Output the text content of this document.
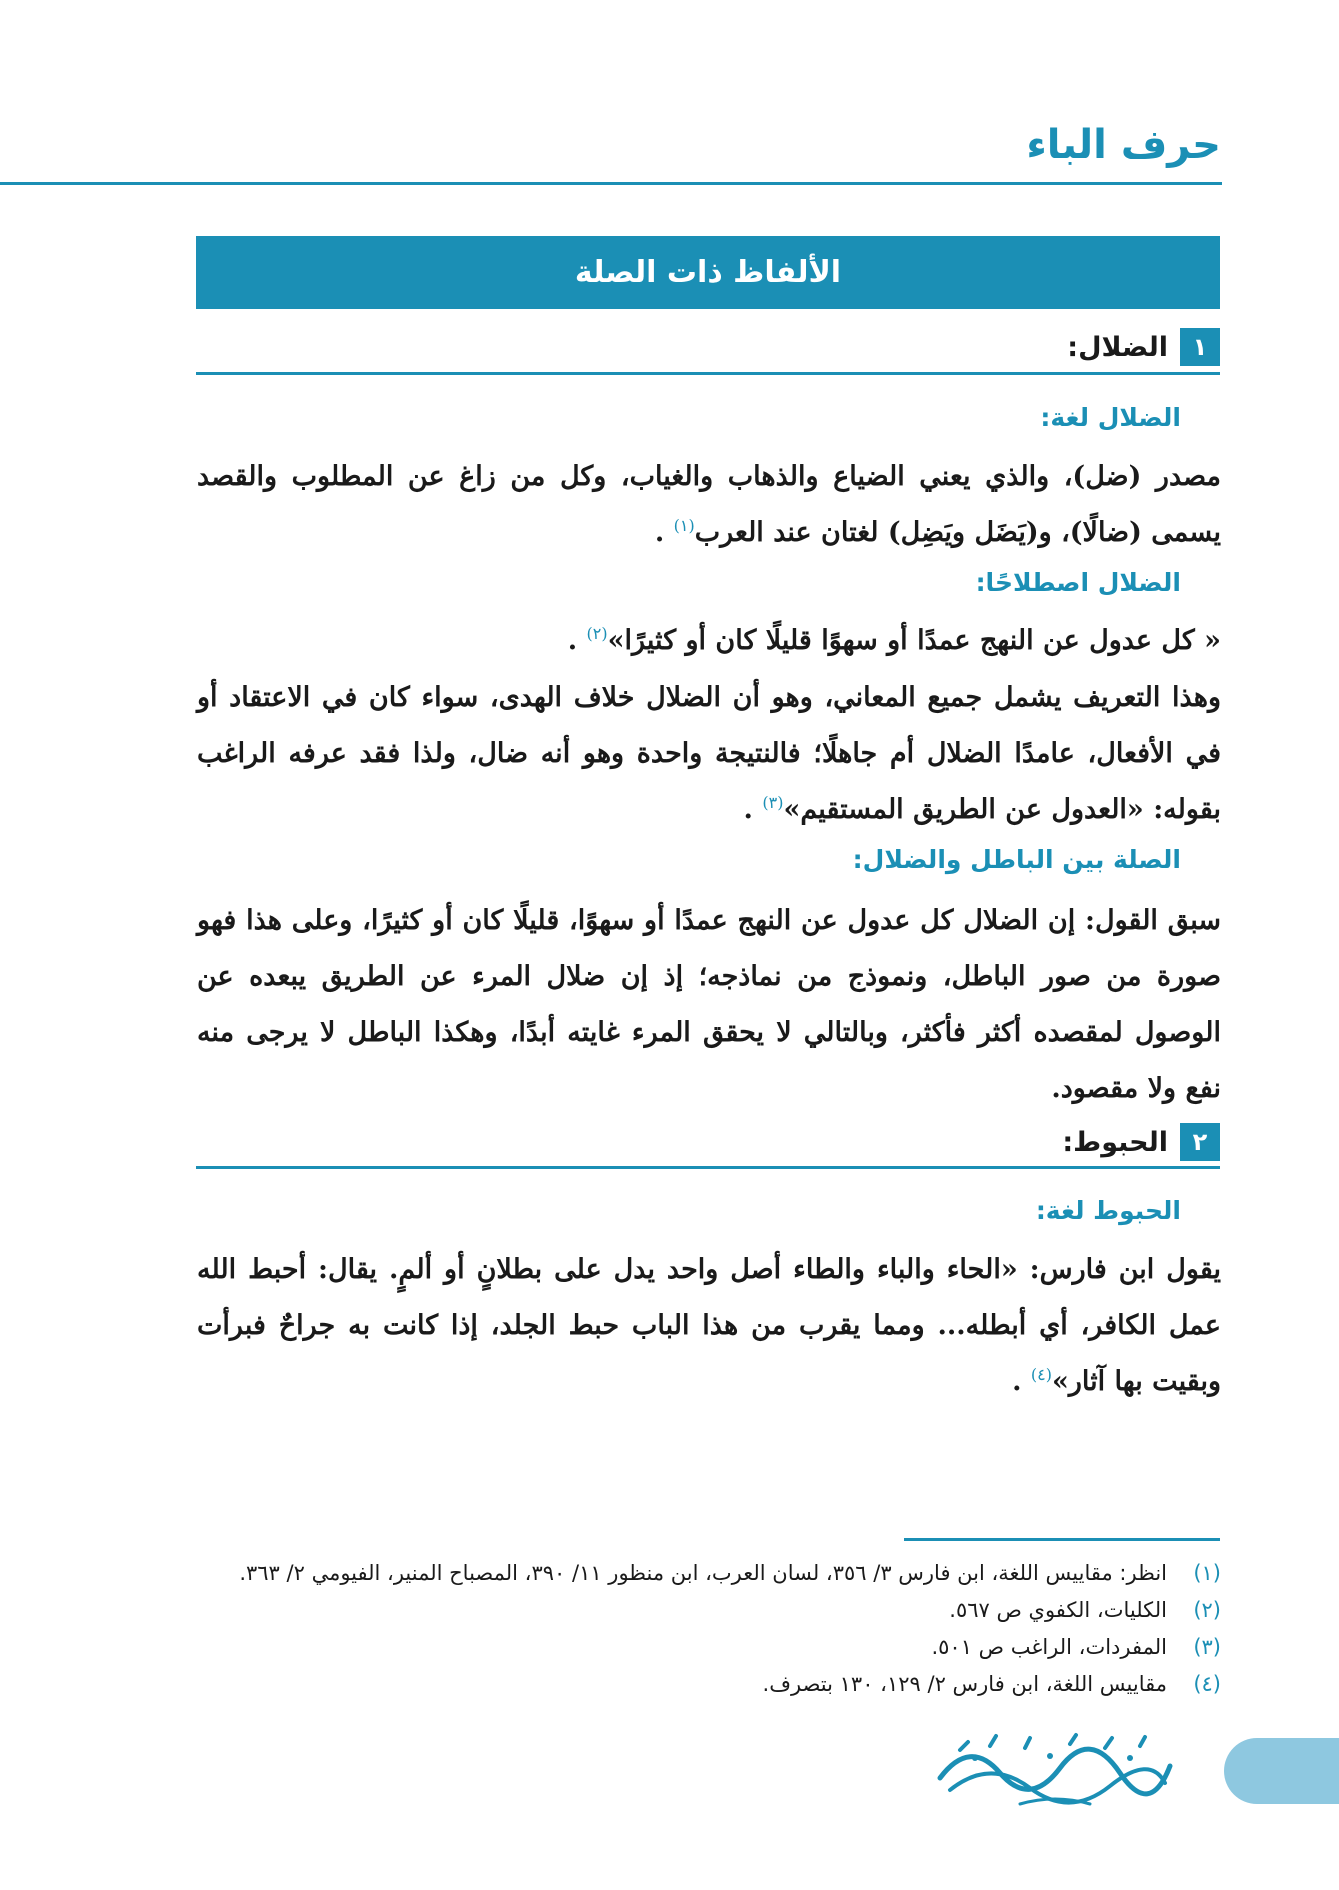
حرف الباء
الألفاظ ذات الصلة
١
الضلال:
الضلال لغة:

مصدر (ضل)، والذي يعني الضياع والذهاب والغياب، وكل من زاغ عن المطلوب والقصد يسمى (ضالًا)، و(يَضَل ويَضِل) لغتان عند العرب$^{(١)}$ .

الضلال اصطلاحًا:

« كل عدول عن النهج عمدًا أو سهوًا قليلًا كان أو كثيرًا»$^{(٢)}$ .

وهذا التعريف يشمل جميع المعاني، وهو أن الضلال خلاف الهدى، سواء كان في الاعتقاد أو في الأفعال، عامدًا الضلال أم جاهلًا؛ فالنتيجة واحدة وهو أنه ضال، ولذا فقد عرفه الراغب بقوله: «العدول عن الطريق المستقيم»$^{(٣)}$ .

الصلة بين الباطل والضلال:

سبق القول: إن الضلال كل عدول عن النهج عمدًا أو سهوًا، قليلًا كان أو كثيرًا، وعلى هذا فهو صورة من صور الباطل، ونموذج من نماذجه؛ إذ إن ضلال المرء عن الطريق يبعده عن الوصول لمقصده أكثر فأكثر، وبالتالي لا يحقق المرء غايته أبدًا، وهكذا الباطل لا يرجى منه نفع ولا مقصود.

٢
الحبوط:
الحبوط لغة:

يقول ابن فارس: «الحاء والباء والطاء أصل واحد يدل على بطلانٍ أو ألمٍ. يقال: أحبط الله عمل الكافر، أي أبطله... ومما يقرب من هذا الباب حبط الجلد، إذا كانت به جراحٌ فبرأت وبقيت بها آثار»$^{(٤)}$ .

(١)
انظر: مقاييس اللغة، ابن فارس ٣/ ٣٥٦، لسان العرب، ابن منظور ١١/ ٣٩٠، المصباح المنير، الفيومي ٢/ ٣٦٣.
(٢)
الكليات، الكفوي ص ٥٦٧.
(٣)
المفردات، الراغب ص ٥٠١.
(٤)
مقاييس اللغة، ابن فارس ٢/ ١٢٩، ١٣٠ بتصرف.
